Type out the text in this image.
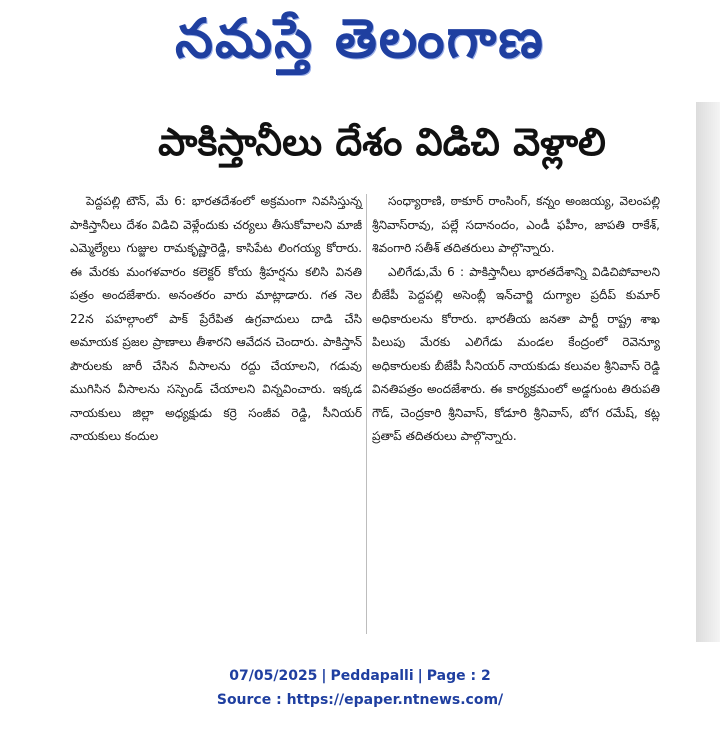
నమస్తే తెలంగాణ
పాకిస్తానీలు దేశం విడిచి వెళ్లాలి

పెద్దపల్లి టౌన్, మే 6: భారతదేశంలో అక్రమంగా నివసిస్తున్న పాకిస్తానీలు దేశం విడిచి వెళ్లేందుకు చర్యలు తీసుకోవాలని మాజీ ఎమ్మెల్యేలు గుజ్జుల రామకృష్ణారెడ్డి, కాసిపేట లింగయ్య కోరారు. ఈ మేరకు మంగళవారం కలెక్టర్ కోయ శ్రీహర్షను కలిసి వినతి పత్రం అందజేశారు. అనంతరం వారు మాట్లాడారు. గత నెల 22న పహల్గాంలో పాక్ ప్రేరేపిత ఉగ్రవాదులు దాడి చేసి అమాయక ప్రజల ప్రాణాలు తీశారని ఆవేదన చెందారు. పాకిస్తాన్ పౌరులకు జారీ చేసిన వీసాలను రద్దు చేయాలని, గడువు ముగిసిన వీసాలను సస్పెండ్ చేయాలని విన్నవించారు. ఇక్కడ నాయకులు జిల్లా అధ్యక్షుడు కర్రె సంజీవ రెడ్డి, సీనియర్ నాయకులు కందుల

సంధ్యారాణి, ఠాకూర్ రాంసింగ్, కన్నం అంజయ్య, వెలంపల్లి శ్రీనివాస్‌రావు, పల్లే సదానందం, ఎండీ ఫహీం, జాపతి రాకేశ్, శివంగారి సతీశ్ తదితరులు పాల్గొన్నారు.

ఎలిగేడు,మే 6 : పాకిస్తానీలు భారతదేశాన్ని విడిచిపోవాలని బీజేపీ పెద్దపల్లి అసెంబ్లీ ఇన్‌చార్జి దుగ్యాల ప్రదీప్ కుమార్ అధికారులను కోరారు. భారతీయ జనతా పార్టీ రాష్ట్ర శాఖ పిలుపు మేరకు ఎలిగేడు మండల కేంద్రంలో రెవెన్యూ అధికారులకు బీజేపీ సీనియర్ నాయకుడు కలువల శ్రీనివాస్ రెడ్డి వినతిపత్రం అందజేశారు. ఈ కార్యక్రమంలో అడ్డగుంట తిరుపతి గౌడ్, చెంద్రకారి శ్రీనివాస్, కోడూరి శ్రీనివాస్, బోగ రమేష్, కట్ల ప్రతాప్ తదితరులు పాల్గొన్నారు.

07/05/2025 | Peddapalli | Page : 2
Source : https://epaper.ntnews.com/
